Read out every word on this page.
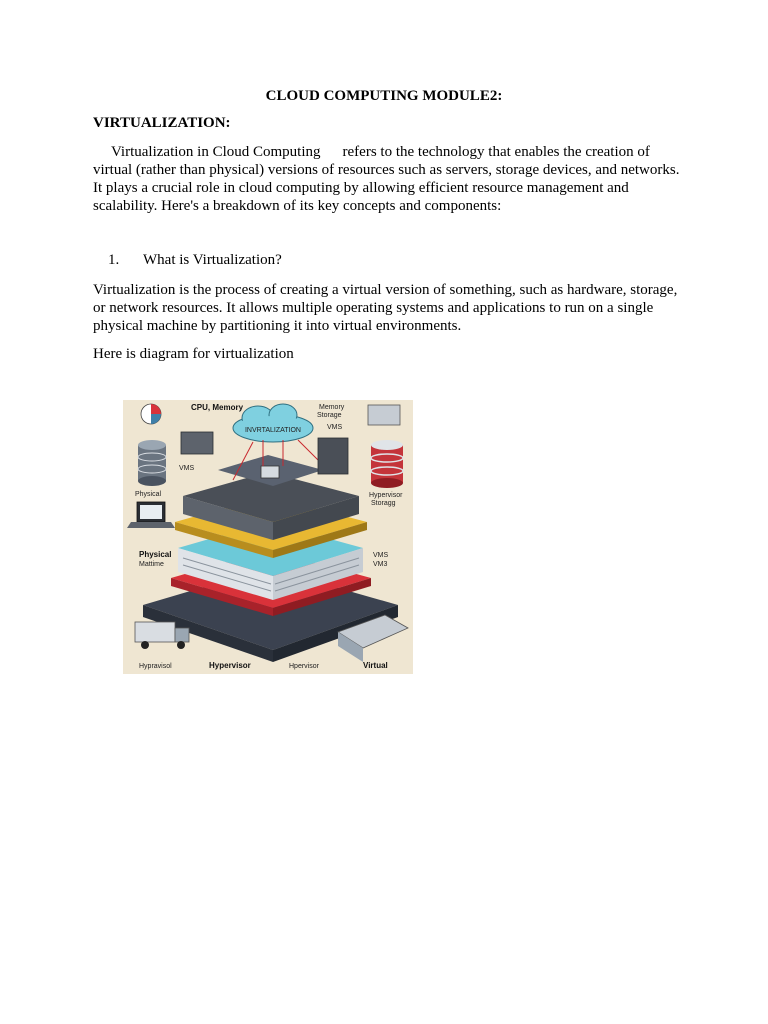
CLOUD COMPUTING MODULE2:
VIRTUALIZATION:
Virtualization in Cloud Computing refers to the technology that enables the creation of virtual (rather than physical) versions of resources such as servers, storage devices, and networks. It plays a crucial role in cloud computing by allowing efficient resource management and scalability. Here's a breakdown of its key concepts and components:
1. What is Virtualization?
Virtualization is the process of creating a virtual version of something, such as hardware, storage, or network resources. It allows multiple operating systems and applications to run on a single physical machine by partitioning it into virtual environments.
Here is diagram for virtualization
INVRTALIZATION
CPU, Memory	Memory
Storage
VMS
VMS
Physical	Hypervisor
Storagg
Physical
Mattime
VMS
VM3
Hypravisol	Hypervisor	Hpervisor	Virtual
